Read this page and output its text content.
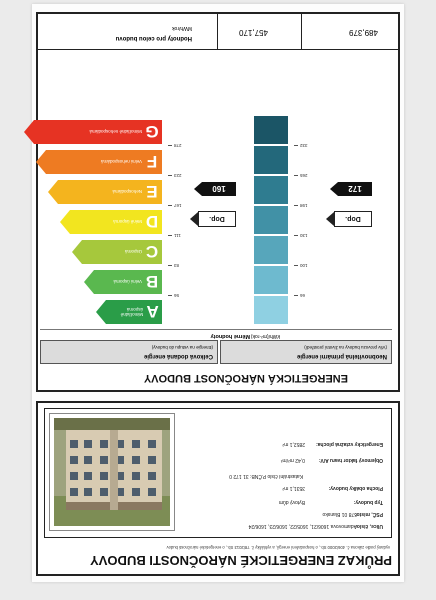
PRŮKAZ ENERGETICKÉ NÁROČNOSTI BUDOVY
vydaný podle zákona č. 406/2000 Sb., o hospodaření energií, a vyhlášky č. 78/2013 Sb., o energetické náročnosti budov
Ulice, číslo:
Adamovova 1606/21, 1605/22, 1606/23, 1606/24
PSČ, místo:
678 01 Blansko
Typ budovy:
Bytový dům
Plocha obálky budovy:
3531,1 m²
Objemový faktor tvaru A/V:
0,42 m²/m³
Energeticky vztažná plocha:
2852,1 m²
Katastrální číslo P.ČNB: 31 172 0
ENERGETICKÁ NÁROČNOST BUDOVY
Neobnovitelná primární energie
(Vliv provozu budovy na životní prostředí)
Celková dodaná energie
(Energie na vstupu do budovy)
kWh/(m²·rok)
Měrné hodnoty
A
Mimořádně úsporná
B
Velmi úsporná
C
Úsporná
D
Méně úsporná
E
Nehospodárná
F
Velmi nehospodárná
G
Mimořádně nehospodárná
56
83
111
167
223
278
66
100
130
198
265
332
Dop.
160
Dop.
172
489,379
457,170
Hodnoty pro celou budovu
MWh/rok
